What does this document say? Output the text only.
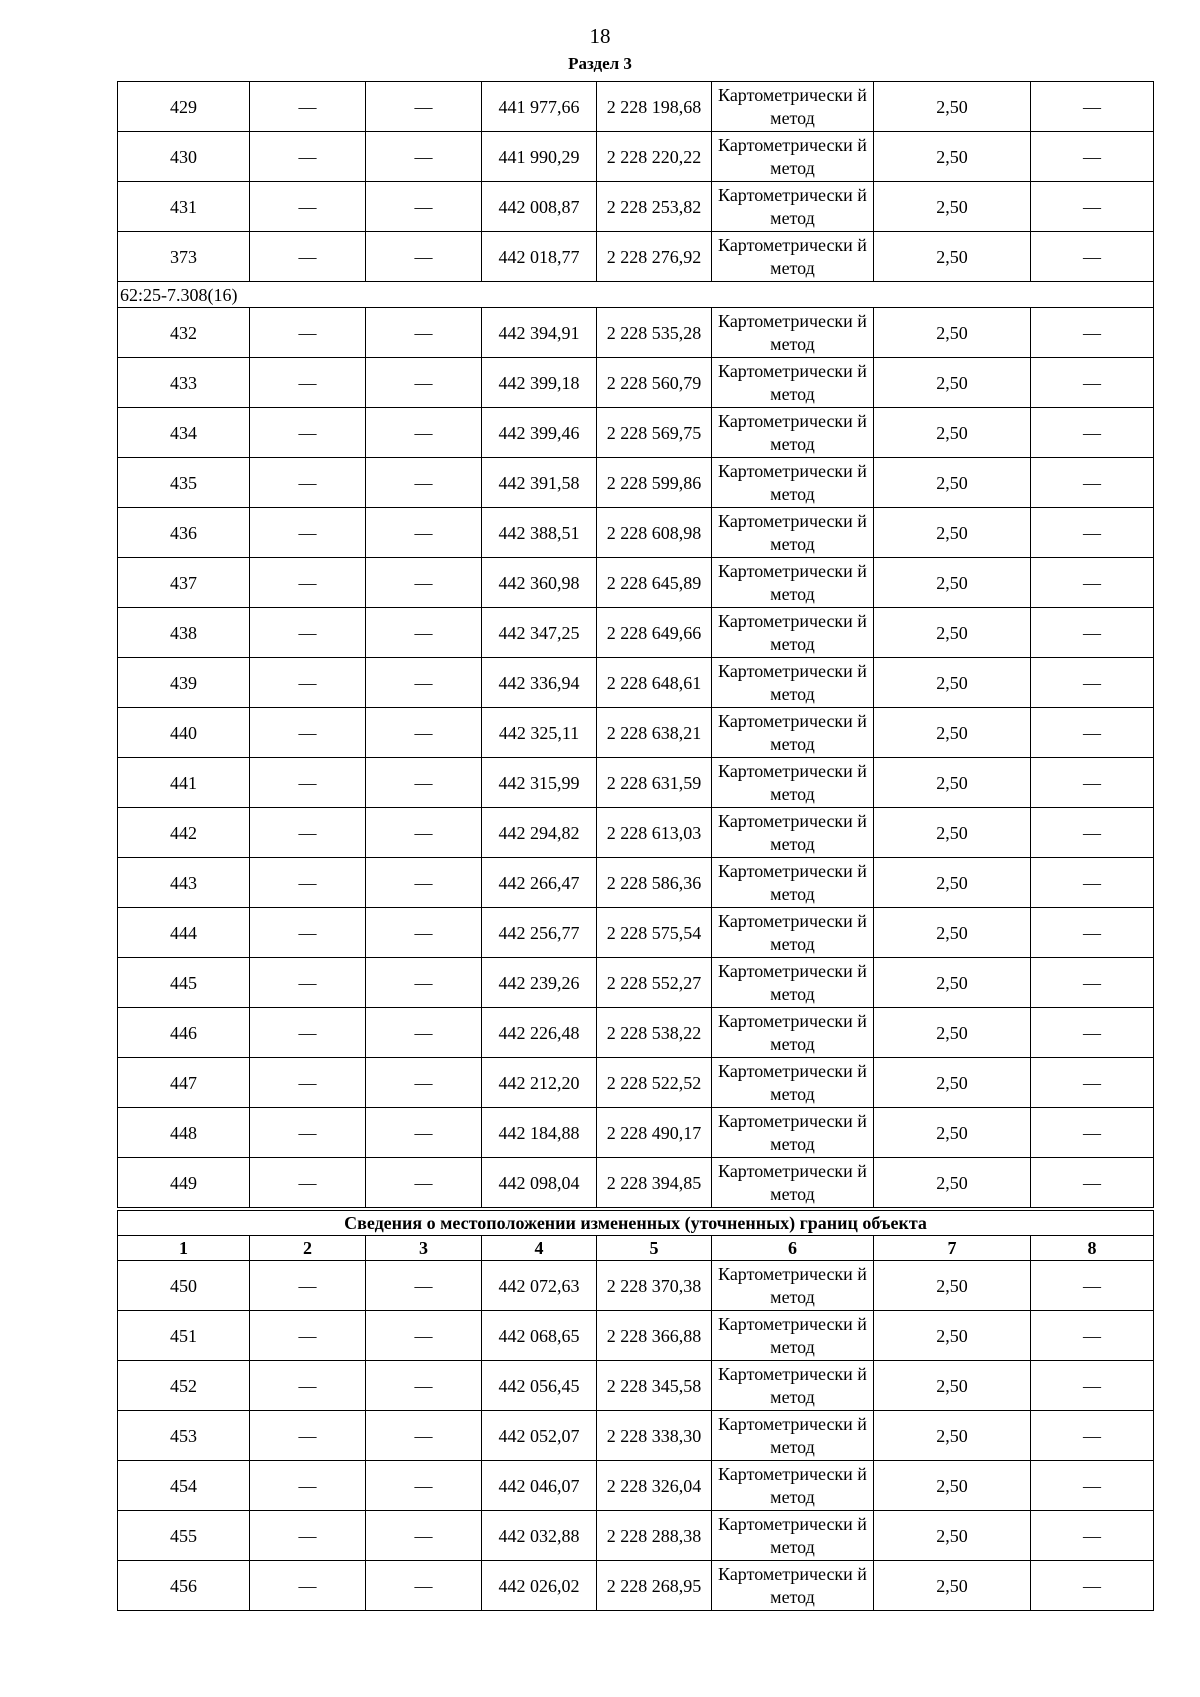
18
Раздел 3
429	—	—	441 977,66	2 228 198,68	Картометрически й метод	2,50	—
430	—	—	441 990,29	2 228 220,22	Картометрически й метод	2,50	—
431	—	—	442 008,87	2 228 253,82	Картометрически й метод	2,50	—
373	—	—	442 018,77	2 228 276,92	Картометрически й метод	2,50	—
62:25-7.308(16)							
432	—	—	442 394,91	2 228 535,28	Картометрически й метод	2,50	—
433	—	—	442 399,18	2 228 560,79	Картометрически й метод	2,50	—
434	—	—	442 399,46	2 228 569,75	Картометрически й метод	2,50	—
435	—	—	442 391,58	2 228 599,86	Картометрически й метод	2,50	—
436	—	—	442 388,51	2 228 608,98	Картометрически й метод	2,50	—
437	—	—	442 360,98	2 228 645,89	Картометрически й метод	2,50	—
438	—	—	442 347,25	2 228 649,66	Картометрически й метод	2,50	—
439	—	—	442 336,94	2 228 648,61	Картометрически й метод	2,50	—
440	—	—	442 325,11	2 228 638,21	Картометрически й метод	2,50	—
441	—	—	442 315,99	2 228 631,59	Картометрически й метод	2,50	—
442	—	—	442 294,82	2 228 613,03	Картометрически й метод	2,50	—
443	—	—	442 266,47	2 228 586,36	Картометрически й метод	2,50	—
444	—	—	442 256,77	2 228 575,54	Картометрически й метод	2,50	—
445	—	—	442 239,26	2 228 552,27	Картометрически й метод	2,50	—
446	—	—	442 226,48	2 228 538,22	Картометрически й метод	2,50	—
447	—	—	442 212,20	2 228 522,52	Картометрически й метод	2,50	—
448	—	—	442 184,88	2 228 490,17	Картометрически й метод	2,50	—
449	—	—	442 098,04	2 228 394,85	Картометрически й метод	2,50	—
Сведения о местоположении измененных (уточненных) границ объекта							
1	2	3	4	5	6	7	8
450	—	—	442 072,63	2 228 370,38	Картометрически й метод	2,50	—
451	—	—	442 068,65	2 228 366,88	Картометрически й метод	2,50	—
452	—	—	442 056,45	2 228 345,58	Картометрически й метод	2,50	—
453	—	—	442 052,07	2 228 338,30	Картометрически й метод	2,50	—
454	—	—	442 046,07	2 228 326,04	Картометрически й метод	2,50	—
455	—	—	442 032,88	2 228 288,38	Картометрически й метод	2,50	—
456	—	—	442 026,02	2 228 268,95	Картометрически й метод	2,50	—
